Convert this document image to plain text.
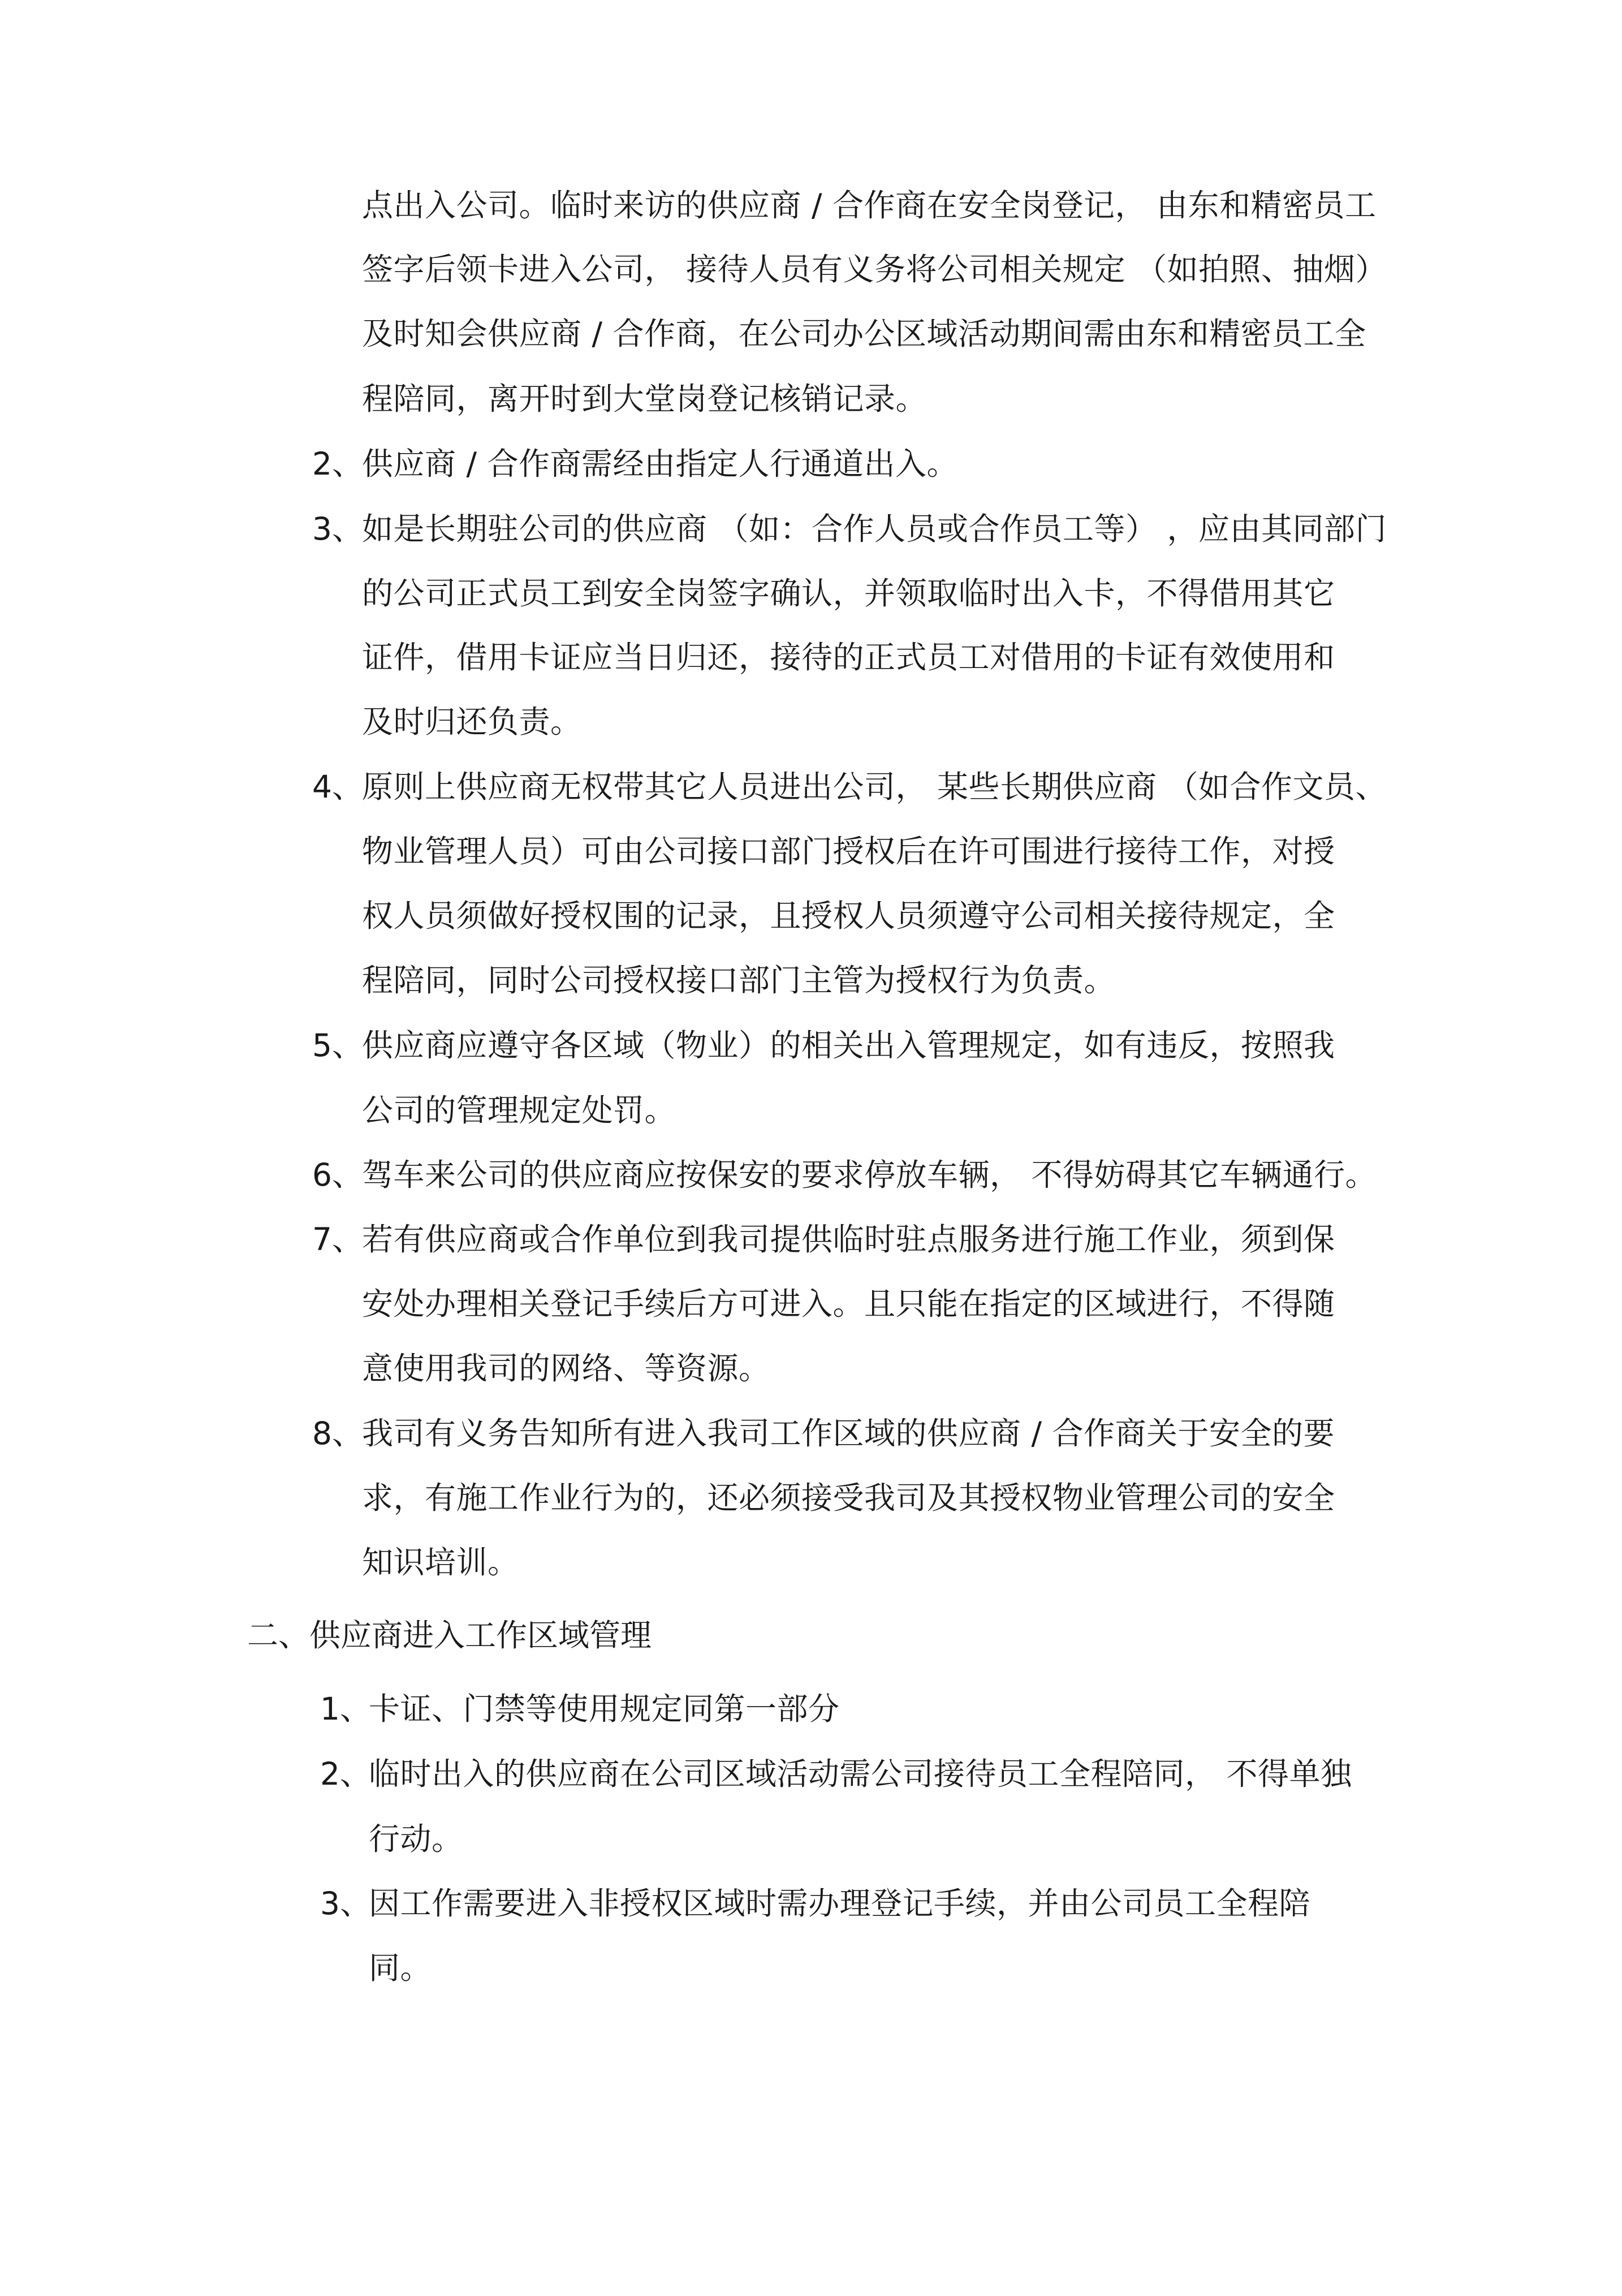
点出入公司。临时来访的供应商 / 合作商在安全岗登记， 由东和精密员工
签字后领卡进入公司， 接待人员有义务将公司相关规定 （如拍照、抽烟）
及时知会供应商 / 合作商，在公司办公区域活动期间需由东和精密员工全
程陪同，离开时到大堂岗登记核销记录。
2、
供应商 / 合作商需经由指定人行通道出入。
3、
如是长期驻公司的供应商 （如：合作人员或合作员工等） ，应由其同部门
的公司正式员工到安全岗签字确认，并领取临时出入卡，不得借用其它
证件，借用卡证应当日归还，接待的正式员工对借用的卡证有效使用和
及时归还负责。
4、
原则上供应商无权带其它人员进出公司， 某些长期供应商 （如合作文员、
物业管理人员）可由公司接口部门授权后在许可围进行接待工作，对授
权人员须做好授权围的记录，且授权人员须遵守公司相关接待规定，全
程陪同，同时公司授权接口部门主管为授权行为负责。
5、
供应商应遵守各区域（物业）的相关出入管理规定，如有违反，按照我
公司的管理规定处罚。
6、
驾车来公司的供应商应按保安的要求停放车辆， 不得妨碍其它车辆通行。
7、
若有供应商或合作单位到我司提供临时驻点服务进行施工作业，须到保
安处办理相关登记手续后方可进入。且只能在指定的区域进行，不得随
意使用我司的网络、等资源。
8、
我司有义务告知所有进入我司工作区域的供应商 / 合作商关于安全的要
求，有施工作业行为的，还必须接受我司及其授权物业管理公司的安全
知识培训。
二、供应商进入工作区域管理
1、
卡证、门禁等使用规定同第一部分
2、
临时出入的供应商在公司区域活动需公司接待员工全程陪同， 不得单独
行动。
3、
因工作需要进入非授权区域时需办理登记手续，并由公司员工全程陪
同。
